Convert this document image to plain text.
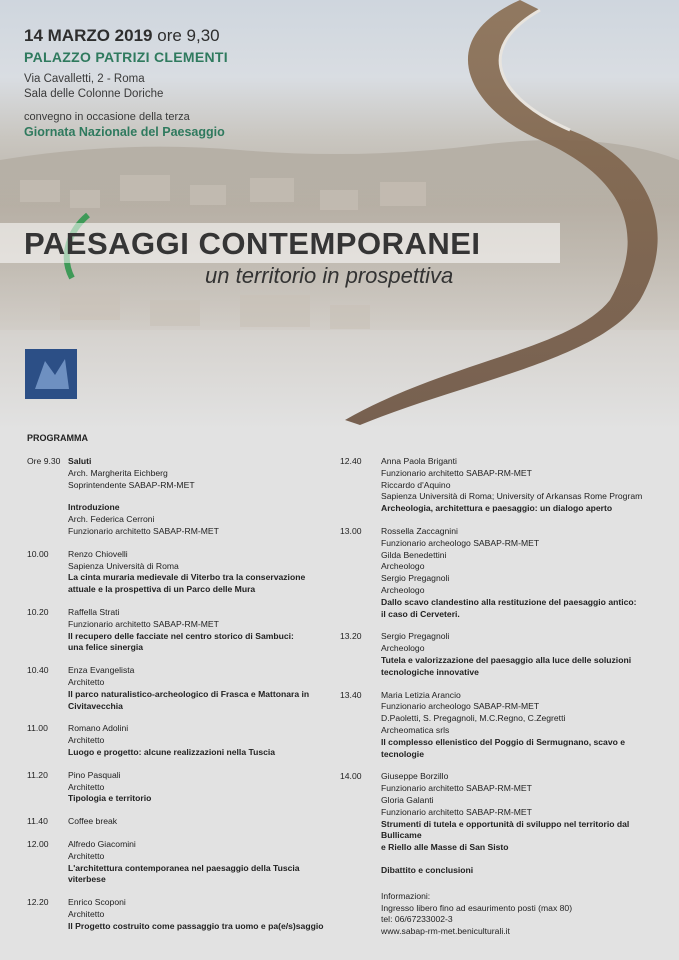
14 MARZO 2019 ore 9,30
PALAZZO PATRIZI CLEMENTI
Via Cavalletti, 2 - Roma
Sala delle Colonne Doriche
convegno in occasione della terza
Giornata Nazionale del Paesaggio
PAESAGGI CONTEMPORANEI
un territorio in prospettiva
PROGRAMMA
Ore 9.30 Saluti
Arch. Margherita Eichberg
Soprintendente SABAP-RM-MET
Introduzione
Arch. Federica Cerroni
Funzionario architetto SABAP-RM-MET
10.00	Renzo Chiovelli
Sapienza Università di Roma
La cinta muraria medievale di Viterbo tra la conservazione
attuale e la prospettiva di un Parco delle Mura
10.20	Raffella Strati
Funzionario architetto SABAP-RM-MET
Il recupero delle facciate nel centro storico di Sambuci:
una felice sinergia
10.40	Enza Evangelista
Architetto
Il parco naturalistico-archeologico di Frasca e Mattonara in
Civitavecchia
11.00	Romano Adolini
Architetto
Luogo e progetto: alcune realizzazioni nella Tuscia
11.20	Pino Pasquali
Architetto
Tipologia e territorio
11.40	Coffee break
12.00	Alfredo Giacomini
Architetto
L'architettura contemporanea nel paesaggio della Tuscia viterbese
12.20	Enrico Scoponi
Architetto
Il Progetto costruito come passaggio tra uomo e pa(e/s)saggio
12.40	Anna Paola Briganti
Funzionario architetto SABAP-RM-MET
Riccardo d'Aquino
Sapienza Università di Roma; University of Arkansas Rome Program
Archeologia, architettura e paesaggio: un dialogo aperto
13.00	Rossella Zaccagnini
Funzionario archeologo SABAP-RM-MET
Gilda Benedettini
Archeologo
Sergio Pregagnoli
Archeologo
Dallo scavo clandestino alla restituzione del paesaggio antico:
il caso di Cerveteri.
13.20	Sergio Pregagnoli
Archeologo
Tutela e valorizzazione del paesaggio alla luce delle soluzioni
tecnologiche innovative
13.40	Maria Letizia Arancio
Funzionario archeologo SABAP-RM-MET
D.Paoletti, S. Pregagnoli, M.C.Regno, C.Zegretti
Archeomatica srls
Il complesso ellenistico del Poggio di Sermugnano, scavo e tecnologie
14.00	Giuseppe Borzillo
Funzionario architetto SABAP-RM-MET
Gloria Galanti
Funzionario architetto SABAP-RM-MET
Strumenti di tutela e opportunità di sviluppo nel territorio dal Bullicame
e Riello alle Masse di San Sisto
Dibattito e conclusioni
Informazioni:
Ingresso libero fino ad esaurimento posti (max 80)
tel: 06/67233002-3
www.sabap-rm-met.beniculturali.it
